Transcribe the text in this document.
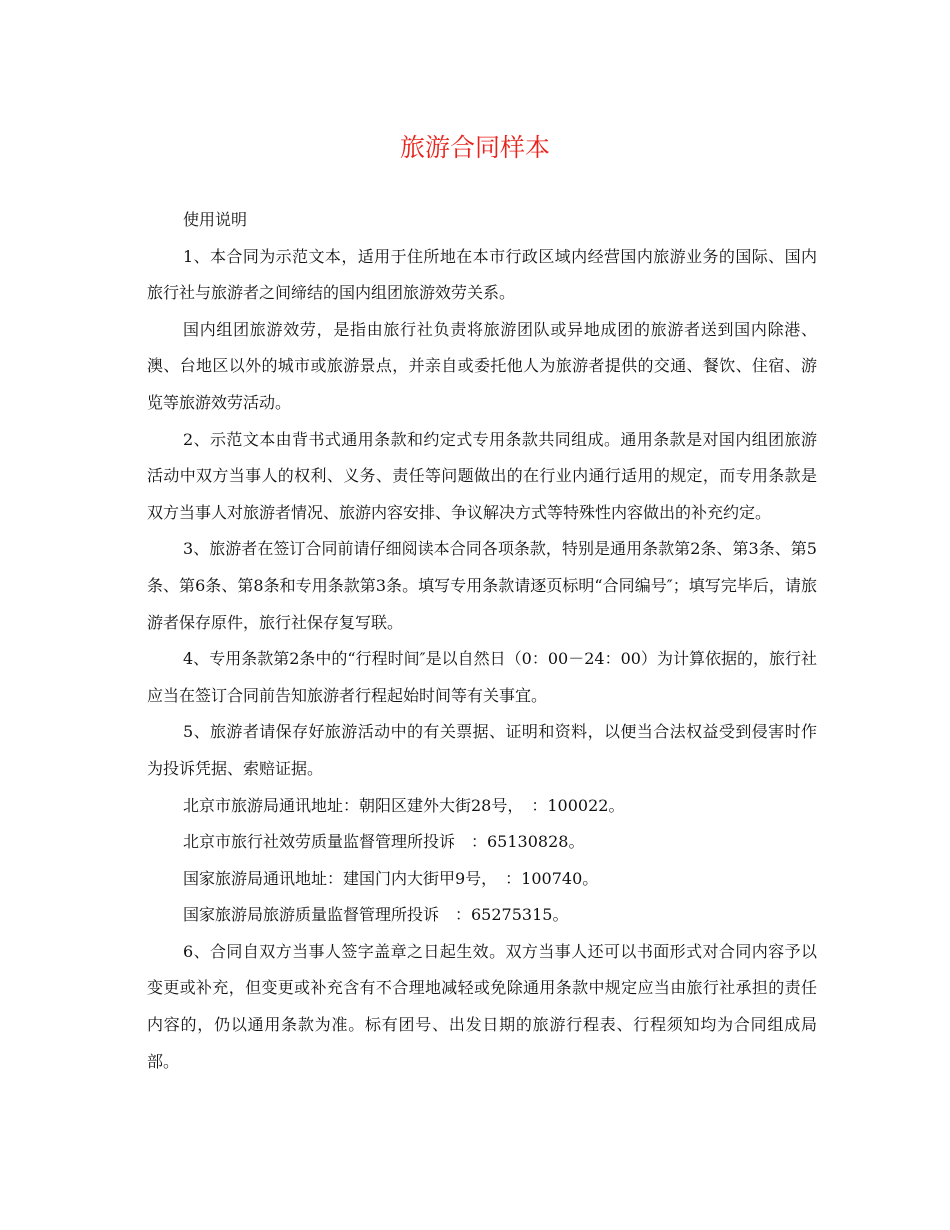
旅游合同样本

使用说明

1、本合同为示范文本，适用于住所地在本市行政区域内经营国内旅游业务的国际、国内旅行社与旅游者之间缔结的国内组团旅游效劳关系。

国内组团旅游效劳，是指由旅行社负责将旅游团队或异地成团的旅游者送到国内除港、澳、台地区以外的城市或旅游景点，并亲自或委托他人为旅游者提供的交通、餐饮、住宿、游览等旅游效劳活动。

2、示范文本由背书式通用条款和约定式专用条款共同组成。通用条款是对国内组团旅游活动中双方当事人的权利、义务、责任等问题做出的在行业内通行适用的规定，而专用条款是双方当事人对旅游者情况、旅游内容安排、争议解决方式等特殊性内容做出的补充约定。

3、旅游者在签订合同前请仔细阅读本合同各项条款，特别是通用条款第2条、第3条、第5条、第6条、第8条和专用条款第3条。填写专用条款请逐页标明“合同编号″；填写完毕后，请旅游者保存原件，旅行社保存复写联。

4、专用条款第2条中的“行程时间″是以自然日（0：00－24：00）为计算依据的，旅行社应当在签订合同前告知旅游者行程起始时间等有关事宜。

5、旅游者请保存好旅游活动中的有关票据、证明和资料，以便当合法权益受到侵害时作为投诉凭据、索赔证据。

北京市旅游局通讯地址：朝阳区建外大街28号，　：100022。

北京市旅行社效劳质量监督管理所投诉　：65130828。

国家旅游局通讯地址：建国门内大街甲9号，　：100740。

国家旅游局旅游质量监督管理所投诉　：65275315。

6、合同自双方当事人签字盖章之日起生效。双方当事人还可以书面形式对合同内容予以变更或补充，但变更或补充含有不合理地减轻或免除通用条款中规定应当由旅行社承担的责任内容的，仍以通用条款为准。标有团号、出发日期的旅游行程表、行程须知均为合同组成局部。
